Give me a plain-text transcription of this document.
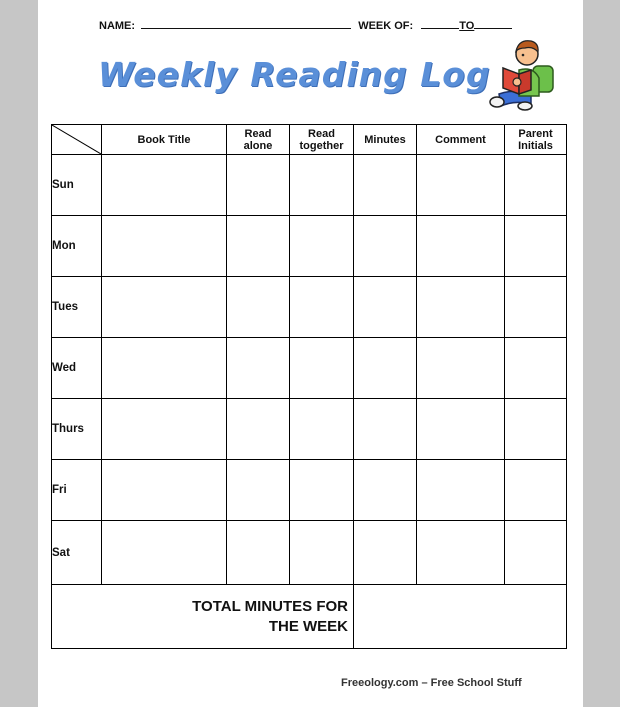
NAME:	WEEK OF:	TO
Weekly Reading Log
	Book Title	Read alone	Read together	Minutes	Comment	Parent Initials
Sun						
Mon						
Tues						
Wed						
Thurs						
Fri						
Sat						

TOTAL MINUTES FOR
THE WEEK						

Freeology.com – Free School Stuff
